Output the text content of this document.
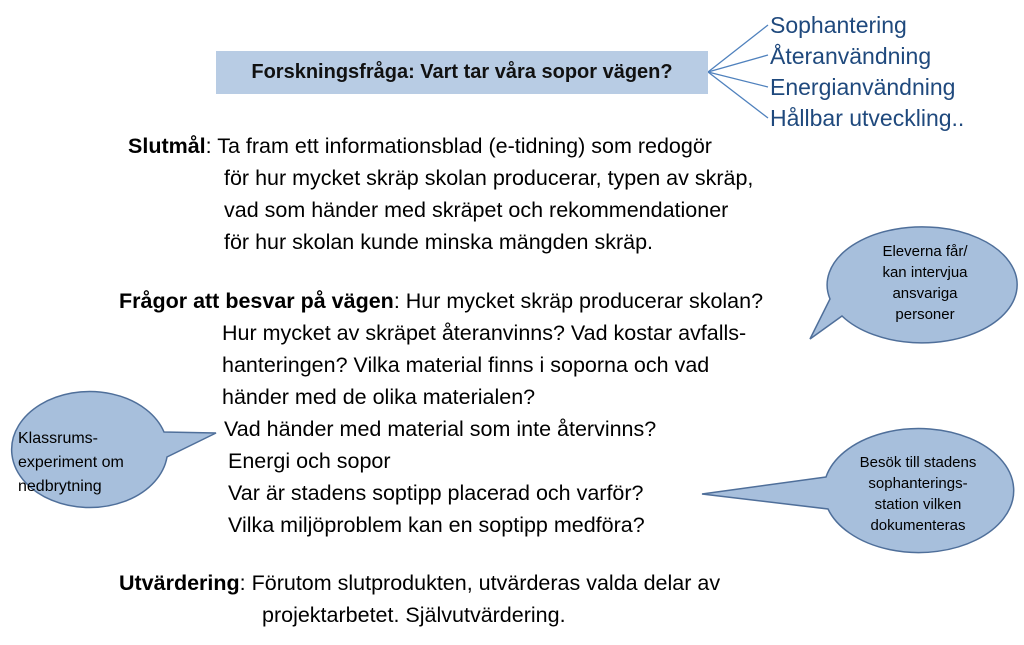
Forskningsfråga: Vart tar våra sopor vägen?
Sophantering
Återanvändning
Energianvändning
Hållbar utveckling..
Slutmål: Ta fram ett informationsblad (e-tidning) som redogör
för hur mycket skräp skolan producerar, typen av skräp,
vad som händer med skräpet och rekommendationer
för hur skolan kunde minska mängden skräp.
Frågor att besvar på vägen: Hur mycket skräp producerar skolan?
Hur mycket av skräpet återanvinns? Vad kostar avfalls-
hanteringen? Vilka material finns i soporna och vad
händer med de olika materialen?
Vad händer med material som inte återvinns?
Energi och sopor
Var är stadens soptipp placerad och varför?
Vilka miljöproblem kan en soptipp medföra?
Utvärdering: Förutom slutprodukten, utvärderas valda delar av
projektarbetet. Självutvärdering.
Eleverna får/
kan intervjua
ansvariga
personer
Klassrums-
experiment om
nedbrytning
Besök till stadens
sophanterings-
station vilken
dokumenteras
